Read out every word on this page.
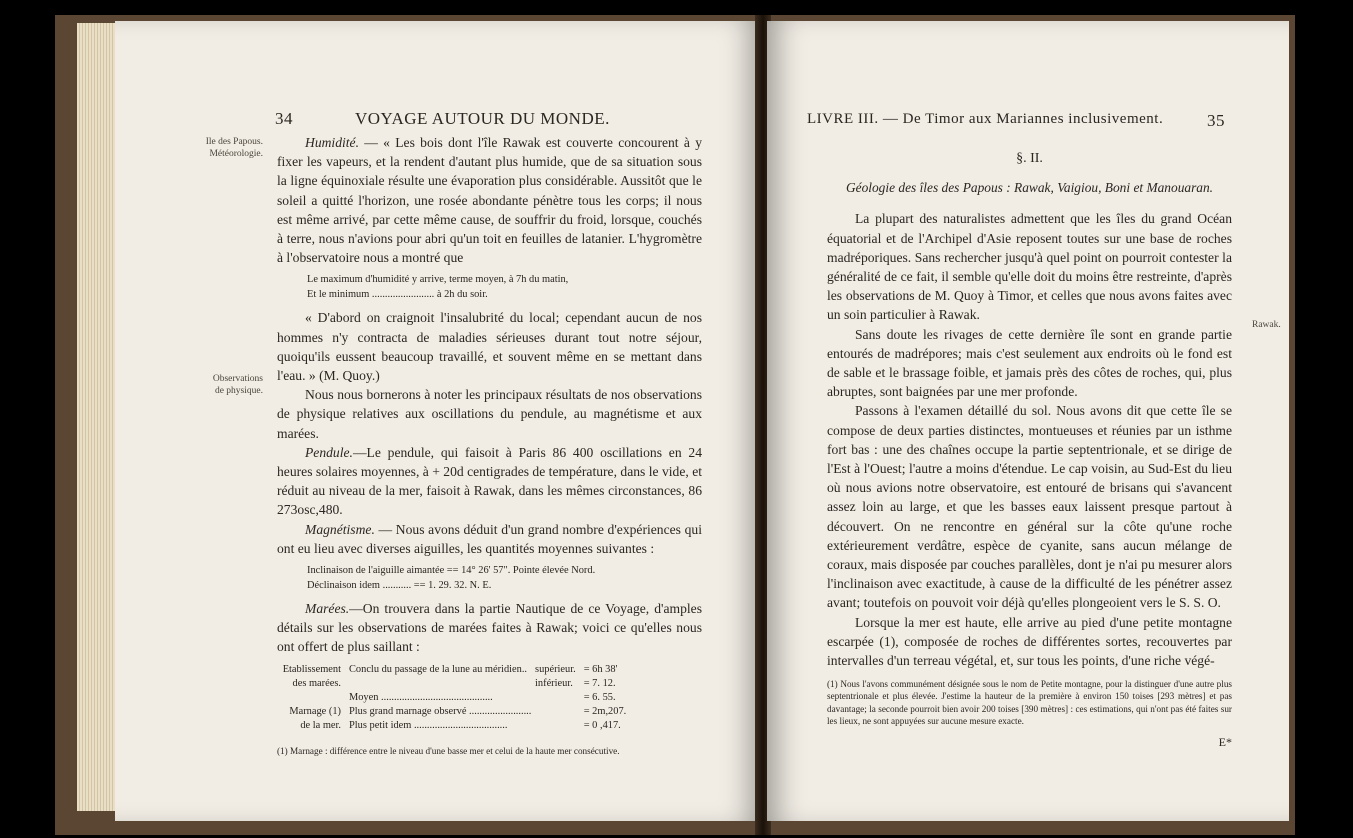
34	VOYAGE AUTOUR DU MONDE.
Ile des Papous.
Météorologie.
Observations
de physique.

Humidité. — « Les bois dont l'île Rawak est couverte concourent à y fixer les vapeurs, et la rendent d'autant plus humide, que de sa situation sous la ligne équinoxiale résulte une évaporation plus considérable. Aussitôt que le soleil a quitté l'horizon, une rosée abondante pénètre tous les corps; il nous est même arrivé, par cette même cause, de souffrir du froid, lorsque, couchés à terre, nous n'avions pour abri qu'un toit en feuilles de latanier. L'hygromètre à l'observatoire nous a montré que

Le maximum d'humidité y arrive, terme moyen, à 7h du matin,
Et le minimum ........................ à 2h du soir.

« D'abord on craignoit l'insalubrité du local; cependant aucun de nos hommes n'y contracta de maladies sérieuses durant tout notre séjour, quoiqu'ils eussent beaucoup travaillé, et souvent même en se mettant dans l'eau. » (M. Quoy.)

Nous nous bornerons à noter les principaux résultats de nos observations de physique relatives aux oscillations du pendule, au magnétisme et aux marées.

Pendule.—Le pendule, qui faisoit à Paris 86 400 oscillations en 24 heures solaires moyennes, à + 20d centigrades de température, dans le vide, et réduit au niveau de la mer, faisoit à Rawak, dans les mêmes circonstances, 86 273osc,480.

Magnétisme. — Nous avons déduit d'un grand nombre d'expériences qui ont eu lieu avec diverses aiguilles, les quantités moyennes suivantes :

Inclinaison de l'aiguille aimantée == 14° 26' 57". Pointe élevée Nord.
Déclinaison idem ........... == 1. 29. 32. N. E.

Marées.—On trouvera dans la partie Nautique de ce Voyage, d'amples détails sur les observations de marées faites à Rawak; voici ce qu'elles nous ont offert de plus saillant :

Etablissement des marées.	Conclu du passage de la lune au méridien..	supérieur.	= 6h 38'
		inférieur.	= 7. 12.
	Moyen ...........................................		= 6. 55.
Marnage (1) de la mer.	Plus grand marnage observé ........................		= 2m,207.
	Plus petit idem ....................................		= 0 ,417.
(1) Marnage : différence entre le niveau d'une basse mer et celui de la haute mer consécutive.
LIVRE III. — De Timor aux Mariannes inclusivement.	35
Rawak.
§. II.
Géologie des îles des Papous : Rawak, Vaigiou, Boni et Manouaran.

La plupart des naturalistes admettent que les îles du grand Océan équatorial et de l'Archipel d'Asie reposent toutes sur une base de roches madréporiques. Sans rechercher jusqu'à quel point on pourroit contester la généralité de ce fait, il semble qu'elle doit du moins être restreinte, d'après les observations de M. Quoy à Timor, et celles que nous avons faites avec un soin particulier à Rawak.

Sans doute les rivages de cette dernière île sont en grande partie entourés de madrépores; mais c'est seulement aux endroits où le fond est de sable et le brassage foible, et jamais près des côtes de roches, qui, plus abruptes, sont baignées par une mer profonde.

Passons à l'examen détaillé du sol. Nous avons dit que cette île se compose de deux parties distinctes, montueuses et réunies par un isthme fort bas : une des chaînes occupe la partie septentrionale, et se dirige de l'Est à l'Ouest; l'autre a moins d'étendue. Le cap voisin, au Sud-Est du lieu où nous avions notre observatoire, est entouré de brisans qui s'avancent assez loin au large, et que les basses eaux laissent presque partout à découvert. On ne rencontre en général sur la côte qu'une roche extérieurement verdâtre, espèce de cyanite, sans aucun mélange de coraux, mais disposée par couches parallèles, dont je n'ai pu mesurer alors l'inclinaison avec exactitude, à cause de la difficulté de les pénétrer assez avant; toutefois on pouvoit voir déjà qu'elles plongeoient vers le S. S. O.

Lorsque la mer est haute, elle arrive au pied d'une petite montagne escarpée (1), composée de roches de différentes sortes, recouvertes par intervalles d'un terreau végétal, et, sur tous les points, d'une riche végé-

(1) Nous l'avons communément désignée sous le nom de Petite montagne, pour la distinguer d'une autre plus septentrionale et plus élevée. J'estime la hauteur de la première à environ 150 toises [293 mètres] et pas davantage; la seconde pourroit bien avoir 200 toises [390 mètres] : ces estimations, qui n'ont pas été faites sur les lieux, ne sont appuyées sur aucune mesure exacte.
E*
